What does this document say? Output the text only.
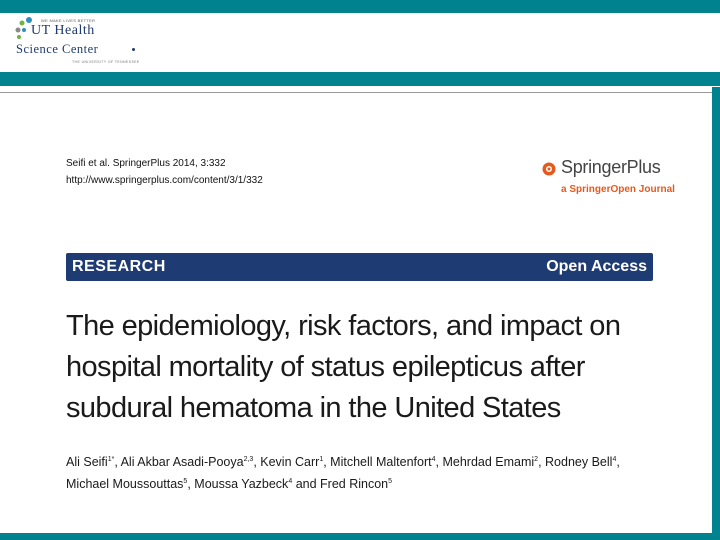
WE MAKE LIVES BETTER
UT Health
Science Center
THE UNIVERSITY OF TENNESSEE
Seifi et al. SpringerPlus 2014, 3:332
http://www.springerplus.com/content/3/1/332
SpringerPlus
a SpringerOpen Journal
RESEARCH	Open Access
The epidemiology, risk factors, and impact on
hospital mortality of status epilepticus after
subdural hematoma in the United States
Ali Seifi$^{1*}$, Ali Akbar Asadi-Pooya$^{2,3}$, Kevin Carr$^1$, Mitchell Maltenfort$^4$, Mehrdad Emami$^2$, Rodney Bell$^4$,
Michael Moussouttas$^5$, Moussa Yazbeck$^4$ and Fred Rincon$^5$
